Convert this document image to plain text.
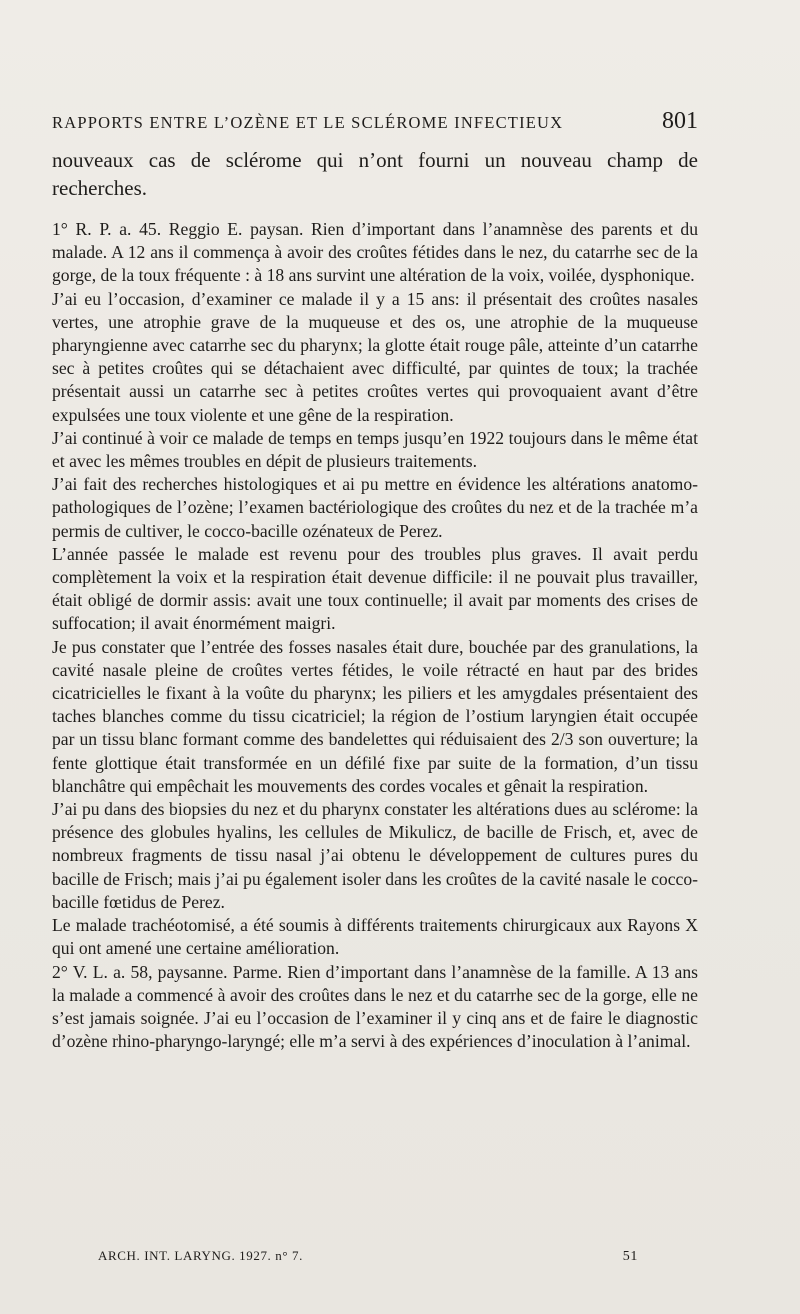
RAPPORTS ENTRE L’OZÈNE ET LE SCLÉROME INFECTIEUX	801

nouveaux cas de sclérome qui n’ont fourni un nouveau champ de recherches.

1° R. P. a. 45. Reggio E. paysan. Rien d’important dans l’anamnèse des parents et du malade. A 12 ans il commença à avoir des croûtes fétides dans le nez, du catarrhe sec de la gorge, de la toux fréquente : à 18 ans survint une altération de la voix, voilée, dysphonique.

J’ai eu l’occasion, d’examiner ce malade il y a 15 ans: il présentait des croûtes nasales vertes, une atrophie grave de la muqueuse et des os, une atrophie de la muqueuse pharyngienne avec catarrhe sec du pharynx; la glotte était rouge pâle, atteinte d’un catarrhe sec à petites croûtes qui se détachaient avec difficulté, par quintes de toux; la trachée présentait aussi un catarrhe sec à petites croûtes vertes qui provoquaient avant d’être expulsées une toux violente et une gêne de la respiration.

J’ai continué à voir ce malade de temps en temps jusqu’en 1922 toujours dans le même état et avec les mêmes troubles en dépit de plusieurs traitements.

J’ai fait des recherches histologiques et ai pu mettre en évidence les altérations anatomo-pathologiques de l’ozène; l’examen bactériologique des croûtes du nez et de la trachée m’a permis de cultiver, le cocco-bacille ozénateux de Perez.

L’année passée le malade est revenu pour des troubles plus graves. Il avait perdu complètement la voix et la respiration était devenue difficile: il ne pouvait plus travailler, était obligé de dormir assis: avait une toux continuelle; il avait par moments des crises de suffocation; il avait énormément maigri.

Je pus constater que l’entrée des fosses nasales était dure, bouchée par des granulations, la cavité nasale pleine de croûtes vertes fétides, le voile rétracté en haut par des brides cicatricielles le fixant à la voûte du pharynx; les piliers et les amygdales présentaient des taches blanches comme du tissu cicatriciel; la région de l’ostium laryngien était occupée par un tissu blanc formant comme des bandelettes qui réduisaient des 2/3 son ouverture; la fente glottique était transformée en un défilé fixe par suite de la formation, d’un tissu blanchâtre qui empêchait les mouvements des cordes vocales et gênait la respiration.

J’ai pu dans des biopsies du nez et du pharynx constater les altérations dues au sclérome: la présence des globules hyalins, les cellules de Mikulicz, de bacille de Frisch, et, avec de nombreux fragments de tissu nasal j’ai obtenu le développement de cultures pures du bacille de Frisch; mais j’ai pu également isoler dans les croûtes de la cavité nasale le cocco-bacille fœtidus de Perez.

Le malade trachéotomisé, a été soumis à différents traitements chirurgicaux aux Rayons X qui ont amené une certaine amélioration.

2° V. L. a. 58, paysanne. Parme. Rien d’important dans l’anamnèse de la famille. A 13 ans la malade a commencé à avoir des croûtes dans le nez et du catarrhe sec de la gorge, elle ne s’est jamais soignée. J’ai eu l’occasion de l’examiner il y cinq ans et de faire le diagnostic d’ozène rhino-pharyngo-laryngé; elle m’a servi à des expériences d’inoculation à l’animal.

ARCH. INT. LARYNG. 1927. n° 7.	51
